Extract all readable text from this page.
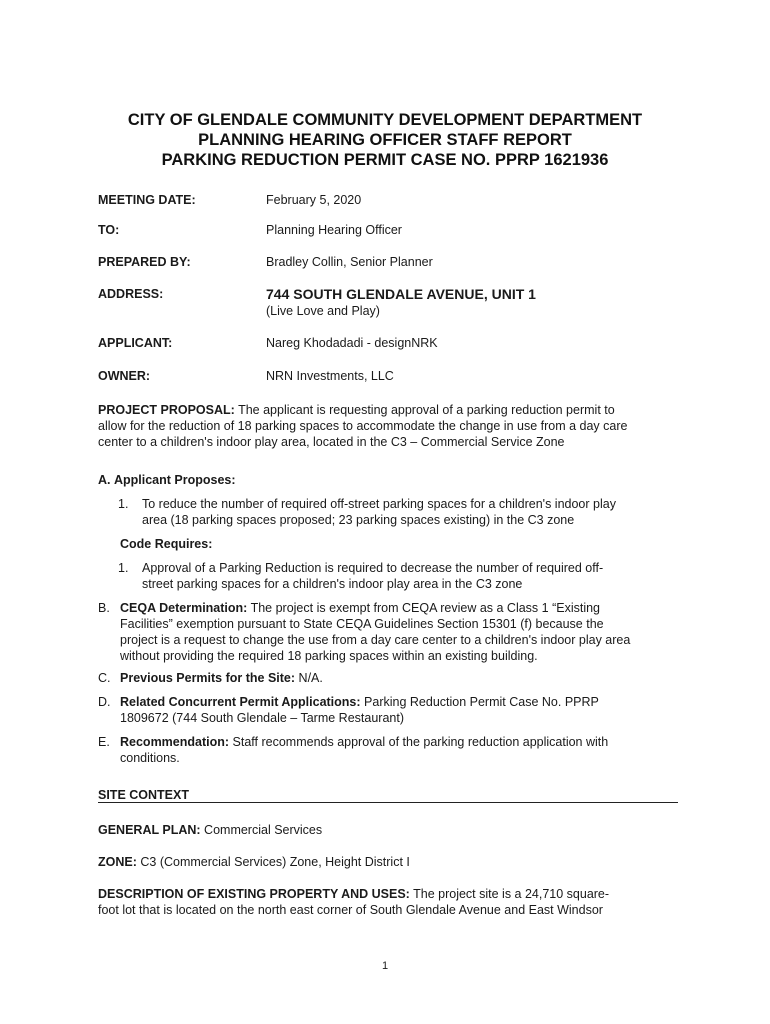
CITY OF GLENDALE COMMUNITY DEVELOPMENT DEPARTMENT
PLANNING HEARING OFFICER STAFF REPORT
PARKING REDUCTION PERMIT CASE NO. PPRP 1621936
MEETING DATE:	February 5, 2020
TO:	Planning Hearing Officer
PREPARED BY:	Bradley Collin, Senior Planner
ADDRESS:	744 SOUTH GLENDALE AVENUE, UNIT 1
(Live Love and Play)
APPLICANT:	Nareg Khodadadi - designNRK
OWNER:	NRN Investments, LLC
PROJECT PROPOSAL: The applicant is requesting approval of a parking reduction permit to
allow for the reduction of 18 parking spaces to accommodate the change in use from a day care
center to a children's indoor play area, located in the C3 – Commercial Service Zone
A. Applicant Proposes:
1. To reduce the number of required off-street parking spaces for a children's indoor play
area (18 parking spaces proposed; 23 parking spaces existing) in the C3 zone
Code Requires:
1. Approval of a Parking Reduction is required to decrease the number of required off-
street parking spaces for a children's indoor play area in the C3 zone
B. CEQA Determination: The project is exempt from CEQA review as a Class 1 “Existing
Facilities” exemption pursuant to State CEQA Guidelines Section 15301 (f) because the
project is a request to change the use from a day care center to a children's indoor play area
without providing the required 18 parking spaces within an existing building.
C. Previous Permits for the Site: N/A.
D. Related Concurrent Permit Applications: Parking Reduction Permit Case No. PPRP
1809672 (744 South Glendale – Tarme Restaurant)
E. Recommendation: Staff recommends approval of the parking reduction application with
conditions.
SITE CONTEXT
GENERAL PLAN: Commercial Services
ZONE: C3 (Commercial Services) Zone, Height District I
DESCRIPTION OF EXISTING PROPERTY AND USES: The project site is a 24,710 square-
foot lot that is located on the north east corner of South Glendale Avenue and East Windsor
1
